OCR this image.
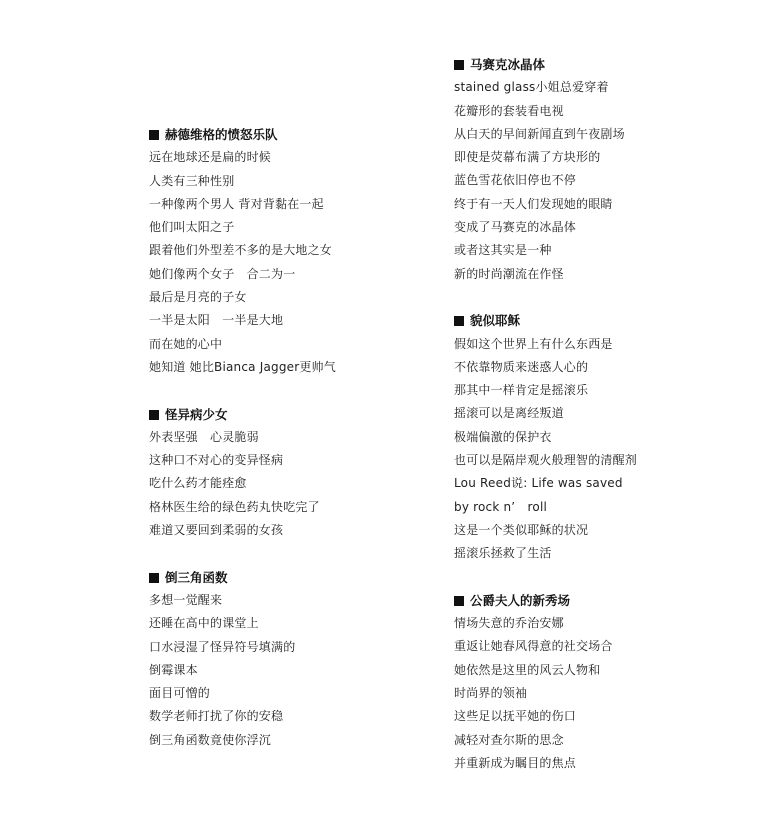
赫德维格的愤怒乐队
远在地球还是扁的时候
人类有三种性别
一种像两个男人 背对背黏在一起
他们叫太阳之子
跟着他们外型差不多的是大地之女
她们像两个女子　合二为一
最后是月亮的子女
一半是太阳　一半是大地
而在她的心中
她知道 她比Bianca Jagger更帅气
怪异病少女
外表坚强　心灵脆弱
这种口不对心的变异怪病
吃什么药才能痊愈
格林医生给的绿色药丸快吃完了
难道又要回到柔弱的女孩
倒三角函数
多想一觉醒来
还睡在高中的课堂上
口水浸湿了怪异符号填满的
倒霉课本
面目可憎的
数学老师打扰了你的安稳
倒三角函数竟使你浮沉
马赛克冰晶体
stained glass小姐总爱穿着
花瓣形的套装看电视
从白天的早间新闻直到午夜剧场
即使是荧幕布满了方块形的
蓝色雪花依旧停也不停
终于有一天人们发现她的眼睛
变成了马赛克的冰晶体
或者这其实是一种
新的时尚潮流在作怪
貌似耶稣
假如这个世界上有什么东西是
不依靠物质来迷惑人心的
那其中一样肯定是摇滚乐
摇滚可以是离经叛道
极端偏激的保护衣
也可以是隔岸观火般理智的清醒剂
Lou Reed说: Life was saved
by rock n’　roll
这是一个类似耶稣的状况
摇滚乐拯救了生活
公爵夫人的新秀场
情场失意的乔治安娜
重返让她春风得意的社交场合
她依然是这里的风云人物和
时尚界的领袖
这些足以抚平她的伤口
减轻对查尔斯的思念
并重新成为瞩目的焦点
